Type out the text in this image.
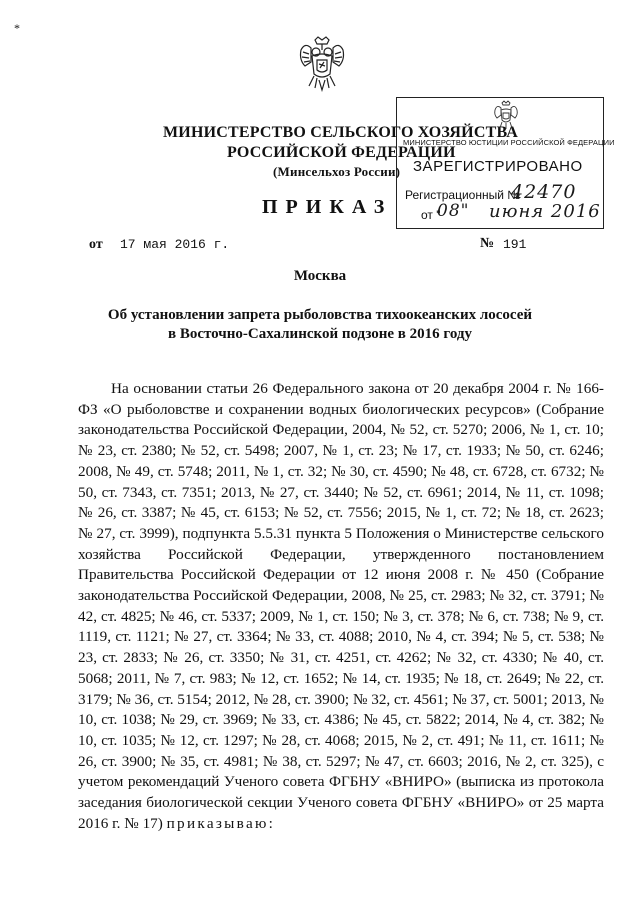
*
МИНИСТЕРСТВО СЕЛЬСКОГО ХОЗЯЙСТВА
РОССИЙСКОЙ ФЕДЕРАЦИИ
(Минсельхоз России)
ПРИКАЗ
от 17 мая 2016 г.	№ 191
Москва
Об установлении запрета рыболовства тихоокеанских лососей
в Восточно-Сахалинской подзоне в 2016 году
МИНИСТЕРСТВО ЮСТИЦИИ РОССИЙСКОЙ ФЕДЕРАЦИИ
ЗАРЕГИСТРИРОВАНО
Регистрационный №
42470
от "
08" июня 2016
На основании статьи 26 Федерального закона от 20 декабря 2004 г. № 166-ФЗ «О рыболовстве и сохранении водных биологических ресурсов» (Собрание законодательства Российской Федерации, 2004, № 52, ст. 5270; 2006, № 1, ст. 10; № 23, ст. 2380; № 52, ст. 5498; 2007, № 1, ст. 23; № 17, ст. 1933; № 50, ст. 6246; 2008, № 49, ст. 5748; 2011, № 1, ст. 32; № 30, ст. 4590; № 48, ст. 6728, ст. 6732; № 50, ст. 7343, ст. 7351; 2013, № 27, ст. 3440; № 52, ст. 6961; 2014, № 11, ст. 1098; № 26, ст. 3387; № 45, ст. 6153; № 52, ст. 7556; 2015, № 1, ст. 72; № 18, ст. 2623; № 27, ст. 3999), подпункта 5.5.31 пункта 5 Положения о Министерстве сельского хозяйства Российской Федерации, утвержденного постановлением Правительства Российской Федерации от 12 июня 2008 г. № 450 (Собрание законодательства Российской Федерации, 2008, № 25, ст. 2983; № 32, ст. 3791; № 42, ст. 4825; № 46, ст. 5337; 2009, № 1, ст. 150; № 3, ст. 378; № 6, ст. 738; № 9, ст. 1119, ст. 1121; № 27, ст. 3364; № 33, ст. 4088; 2010, № 4, ст. 394; № 5, ст. 538; № 23, ст. 2833; № 26, ст. 3350; № 31, ст. 4251, ст. 4262; № 32, ст. 4330; № 40, ст. 5068; 2011, № 7, ст. 983; № 12, ст. 1652; № 14, ст. 1935; № 18, ст. 2649; № 22, ст. 3179; № 36, ст. 5154; 2012, № 28, ст. 3900; № 32, ст. 4561; № 37, ст. 5001; 2013, № 10, ст. 1038; № 29, ст. 3969; № 33, ст. 4386; № 45, ст. 5822; 2014, № 4, ст. 382; № 10, ст. 1035; № 12, ст. 1297; № 28, ст. 4068; 2015, № 2, ст. 491; № 11, ст. 1611; № 26, ст. 3900; № 35, ст. 4981; № 38, ст. 5297; № 47, ст. 6603; 2016, № 2, ст. 325), с учетом рекомендаций Ученого совета ФГБНУ «ВНИРО» (выписка из протокола заседания биологической секции Ученого совета ФГБНУ «ВНИРО» от 25 марта 2016 г. № 17) приказываю:
